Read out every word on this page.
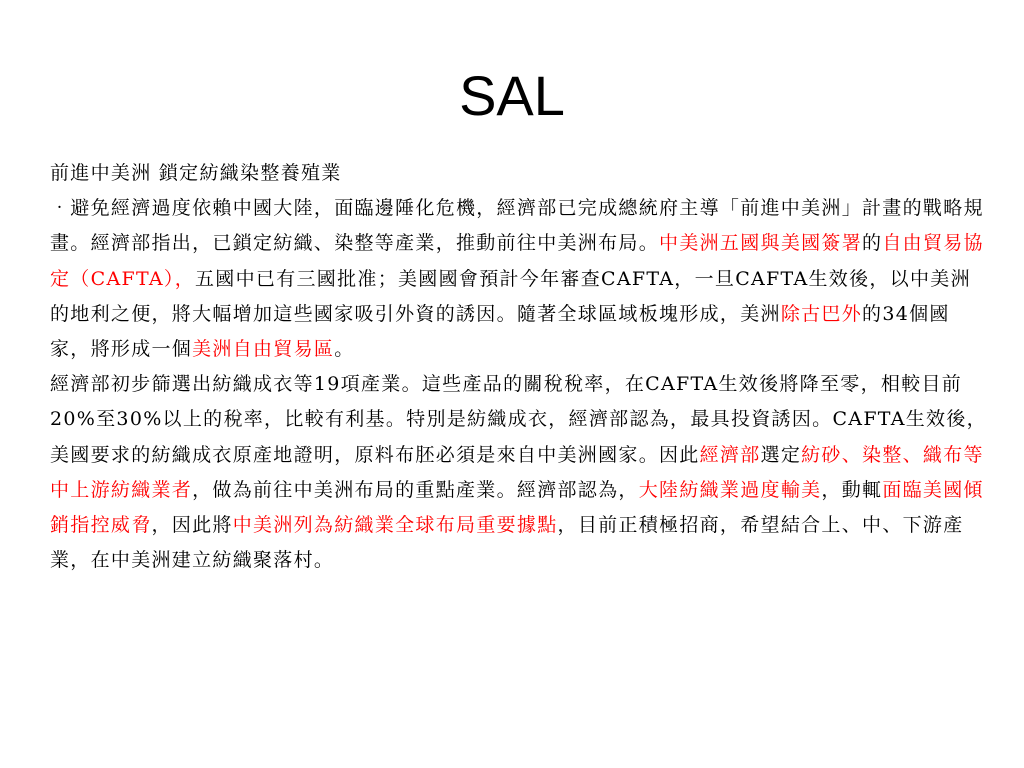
SAL

前進中美洲 鎖定紡織染整養殖業

‧避免經濟過度依賴中國大陸，面臨邊陲化危機，經濟部已完成總統府主導「前進中美洲」計畫的戰略規畫。經濟部指出，已鎖定紡織、染整等產業，推動前往中美洲布局。中美洲五國與美國簽署的自由貿易協定（CAFTA），五國中已有三國批准；美國國會預計今年審查CAFTA，一旦CAFTA生效後，以中美洲的地利之便，將大幅增加這些國家吸引外資的誘因。隨著全球區域板塊形成，美洲除古巴外的34個國家，將形成一個美洲自由貿易區。

經濟部初步篩選出紡織成衣等19項產業。這些產品的關稅稅率，在CAFTA生效後將降至零，相較目前20%至30%以上的稅率，比較有利基。特別是紡織成衣，經濟部認為，最具投資誘因。CAFTA生效後，美國要求的紡織成衣原產地證明，原料布胚必須是來自中美洲國家。因此經濟部選定紡砂、染整、織布等中上游紡織業者，做為前往中美洲布局的重點產業。經濟部認為，大陸紡織業過度輸美，動輒面臨美國傾銷指控威脅，因此將中美洲列為紡織業全球布局重要據點，目前正積極招商，希望結合上、中、下游產業，在中美洲建立紡織聚落村。
